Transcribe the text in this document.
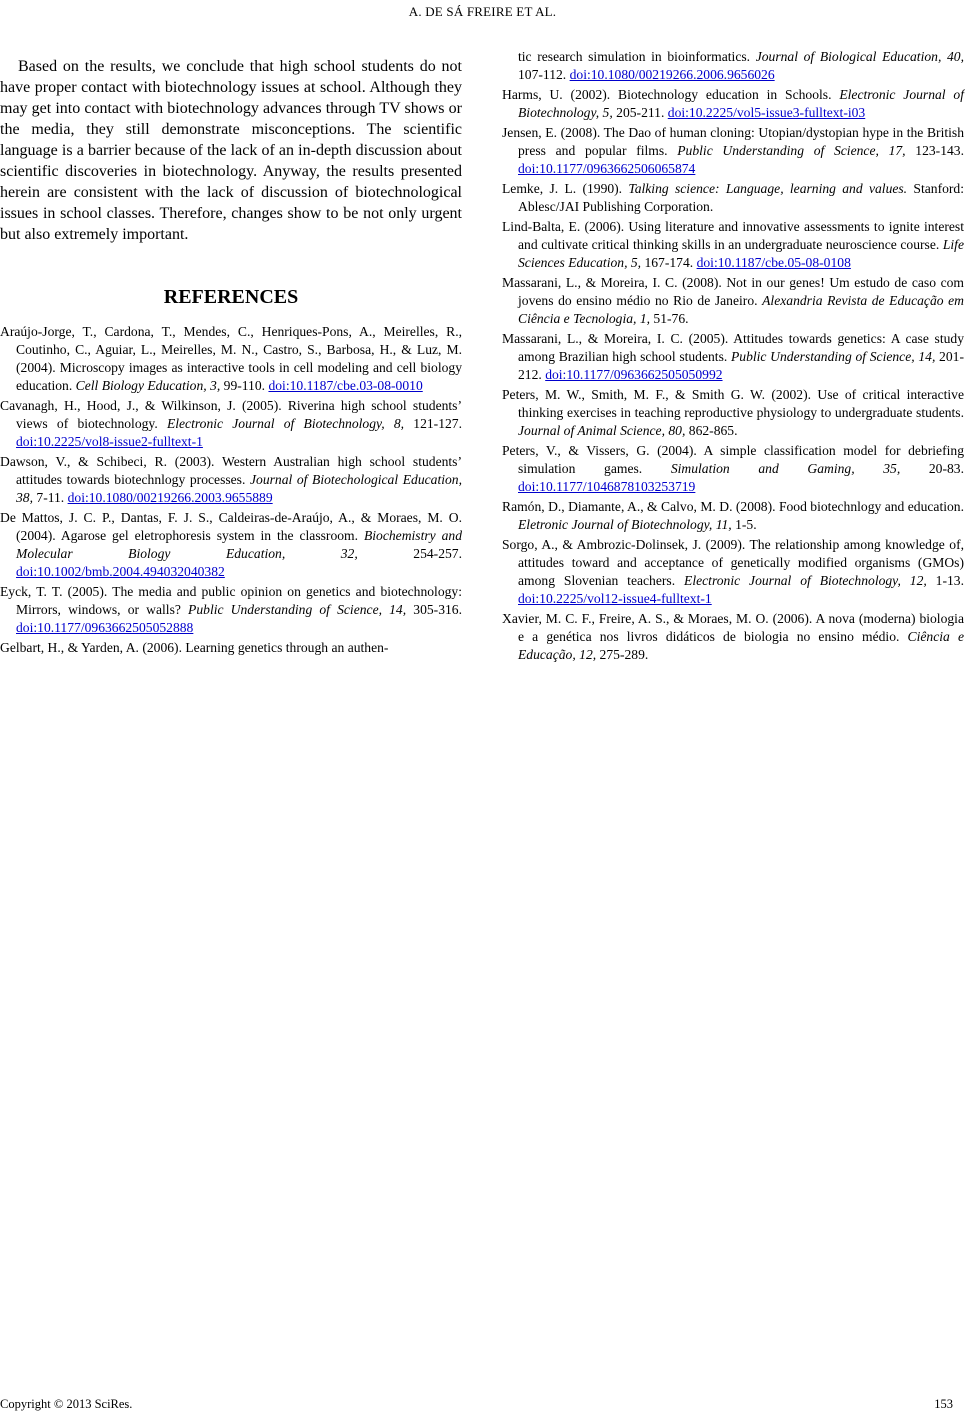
A. DE SÁ FREIRE ET AL.

Based on the results, we conclude that high school students do not have proper contact with biotechnology issues at school. Although they may get into contact with biotechnology advances through TV shows or the media, they still demonstrate misconceptions. The scientific language is a barrier because of the lack of an in-depth discussion about scientific discoveries in biotechnology. Anyway, the results presented herein are consistent with the lack of discussion of biotechnological issues in school classes. Therefore, changes show to be not only urgent but also extremely important.

REFERENCES
Araújo-Jorge, T., Cardona, T., Mendes, C., Henriques-Pons, A., Meirelles, R., Coutinho, C., Aguiar, L., Meirelles, M. N., Castro, S., Barbosa, H., & Luz, M. (2004). Microscopy images as interactive tools in cell modeling and cell biology education. Cell Biology Education, 3, 99-110. doi:10.1187/cbe.03-08-0010
Cavanagh, H., Hood, J., & Wilkinson, J. (2005). Riverina high school students’ views of biotechnology. Electronic Journal of Biotechnology, 8, 121-127. doi:10.2225/vol8-issue2-fulltext-1
Dawson, V., & Schibeci, R. (2003). Western Australian high school students’ attitudes towards biotechnlogy processes. Journal of Biotechological Education, 38, 7-11. doi:10.1080/00219266.2003.9655889
De Mattos, J. C. P., Dantas, F. J. S., Caldeiras-de-Araújo, A., & Moraes, M. O. (2004). Agarose gel eletrophoresis system in the classroom. Biochemistry and Molecular Biology Education, 32, 254-257. doi:10.1002/bmb.2004.494032040382
Eyck, T. T. (2005). The media and public opinion on genetics and biotechnology: Mirrors, windows, or walls? Public Understanding of Science, 14, 305-316. doi:10.1177/0963662505052888
Gelbart, H., & Yarden, A. (2006). Learning genetics through an authen-
tic research simulation in bioinformatics. Journal of Biological Education, 40, 107-112. doi:10.1080/00219266.2006.9656026
Harms, U. (2002). Biotechnology education in Schools. Electronic Journal of Biotechnology, 5, 205-211. doi:10.2225/vol5-issue3-fulltext-i03
Jensen, E. (2008). The Dao of human cloning: Utopian/dystopian hype in the British press and popular films. Public Understanding of Science, 17, 123-143. doi:10.1177/0963662506065874
Lemke, J. L. (1990). Talking science: Language, learning and values. Stanford: Ablesc/JAI Publishing Corporation.
Lind-Balta, E. (2006). Using literature and innovative assessments to ignite interest and cultivate critical thinking skills in an undergraduate neuroscience course. Life Sciences Education, 5, 167-174. doi:10.1187/cbe.05-08-0108
Massarani, L., & Moreira, I. C. (2008). Not in our genes! Um estudo de caso com jovens do ensino médio no Rio de Janeiro. Alexandria Revista de Educação em Ciência e Tecnologia, 1, 51-76.
Massarani, L., & Moreira, I. C. (2005). Attitudes towards genetics: A case study among Brazilian high school students. Public Understanding of Science, 14, 201-212. doi:10.1177/0963662505050992
Peters, M. W., Smith, M. F., & Smith G. W. (2002). Use of critical interactive thinking exercises in teaching reproductive physiology to undergraduate students. Journal of Animal Science, 80, 862-865.
Peters, V., & Vissers, G. (2004). A simple classification model for debriefing simulation games. Simulation and Gaming, 35, 20-83. doi:10.1177/1046878103253719
Ramón, D., Diamante, A., & Calvo, M. D. (2008). Food biotechnlogy and education. Eletronic Journal of Biotechnology, 11, 1-5.
Sorgo, A., & Ambrozic-Dolinsek, J. (2009). The relationship among knowledge of, attitudes toward and acceptance of genetically modified organisms (GMOs) among Slovenian teachers. Electronic Journal of Biotechnology, 12, 1-13. doi:10.2225/vol12-issue4-fulltext-1
Xavier, M. C. F., Freire, A. S., & Moraes, M. O. (2006). A nova (moderna) biologia e a genética nos livros didáticos de biologia no ensino médio. Ciência e Educação, 12, 275-289.
Copyright © 2013 SciRes.	153
